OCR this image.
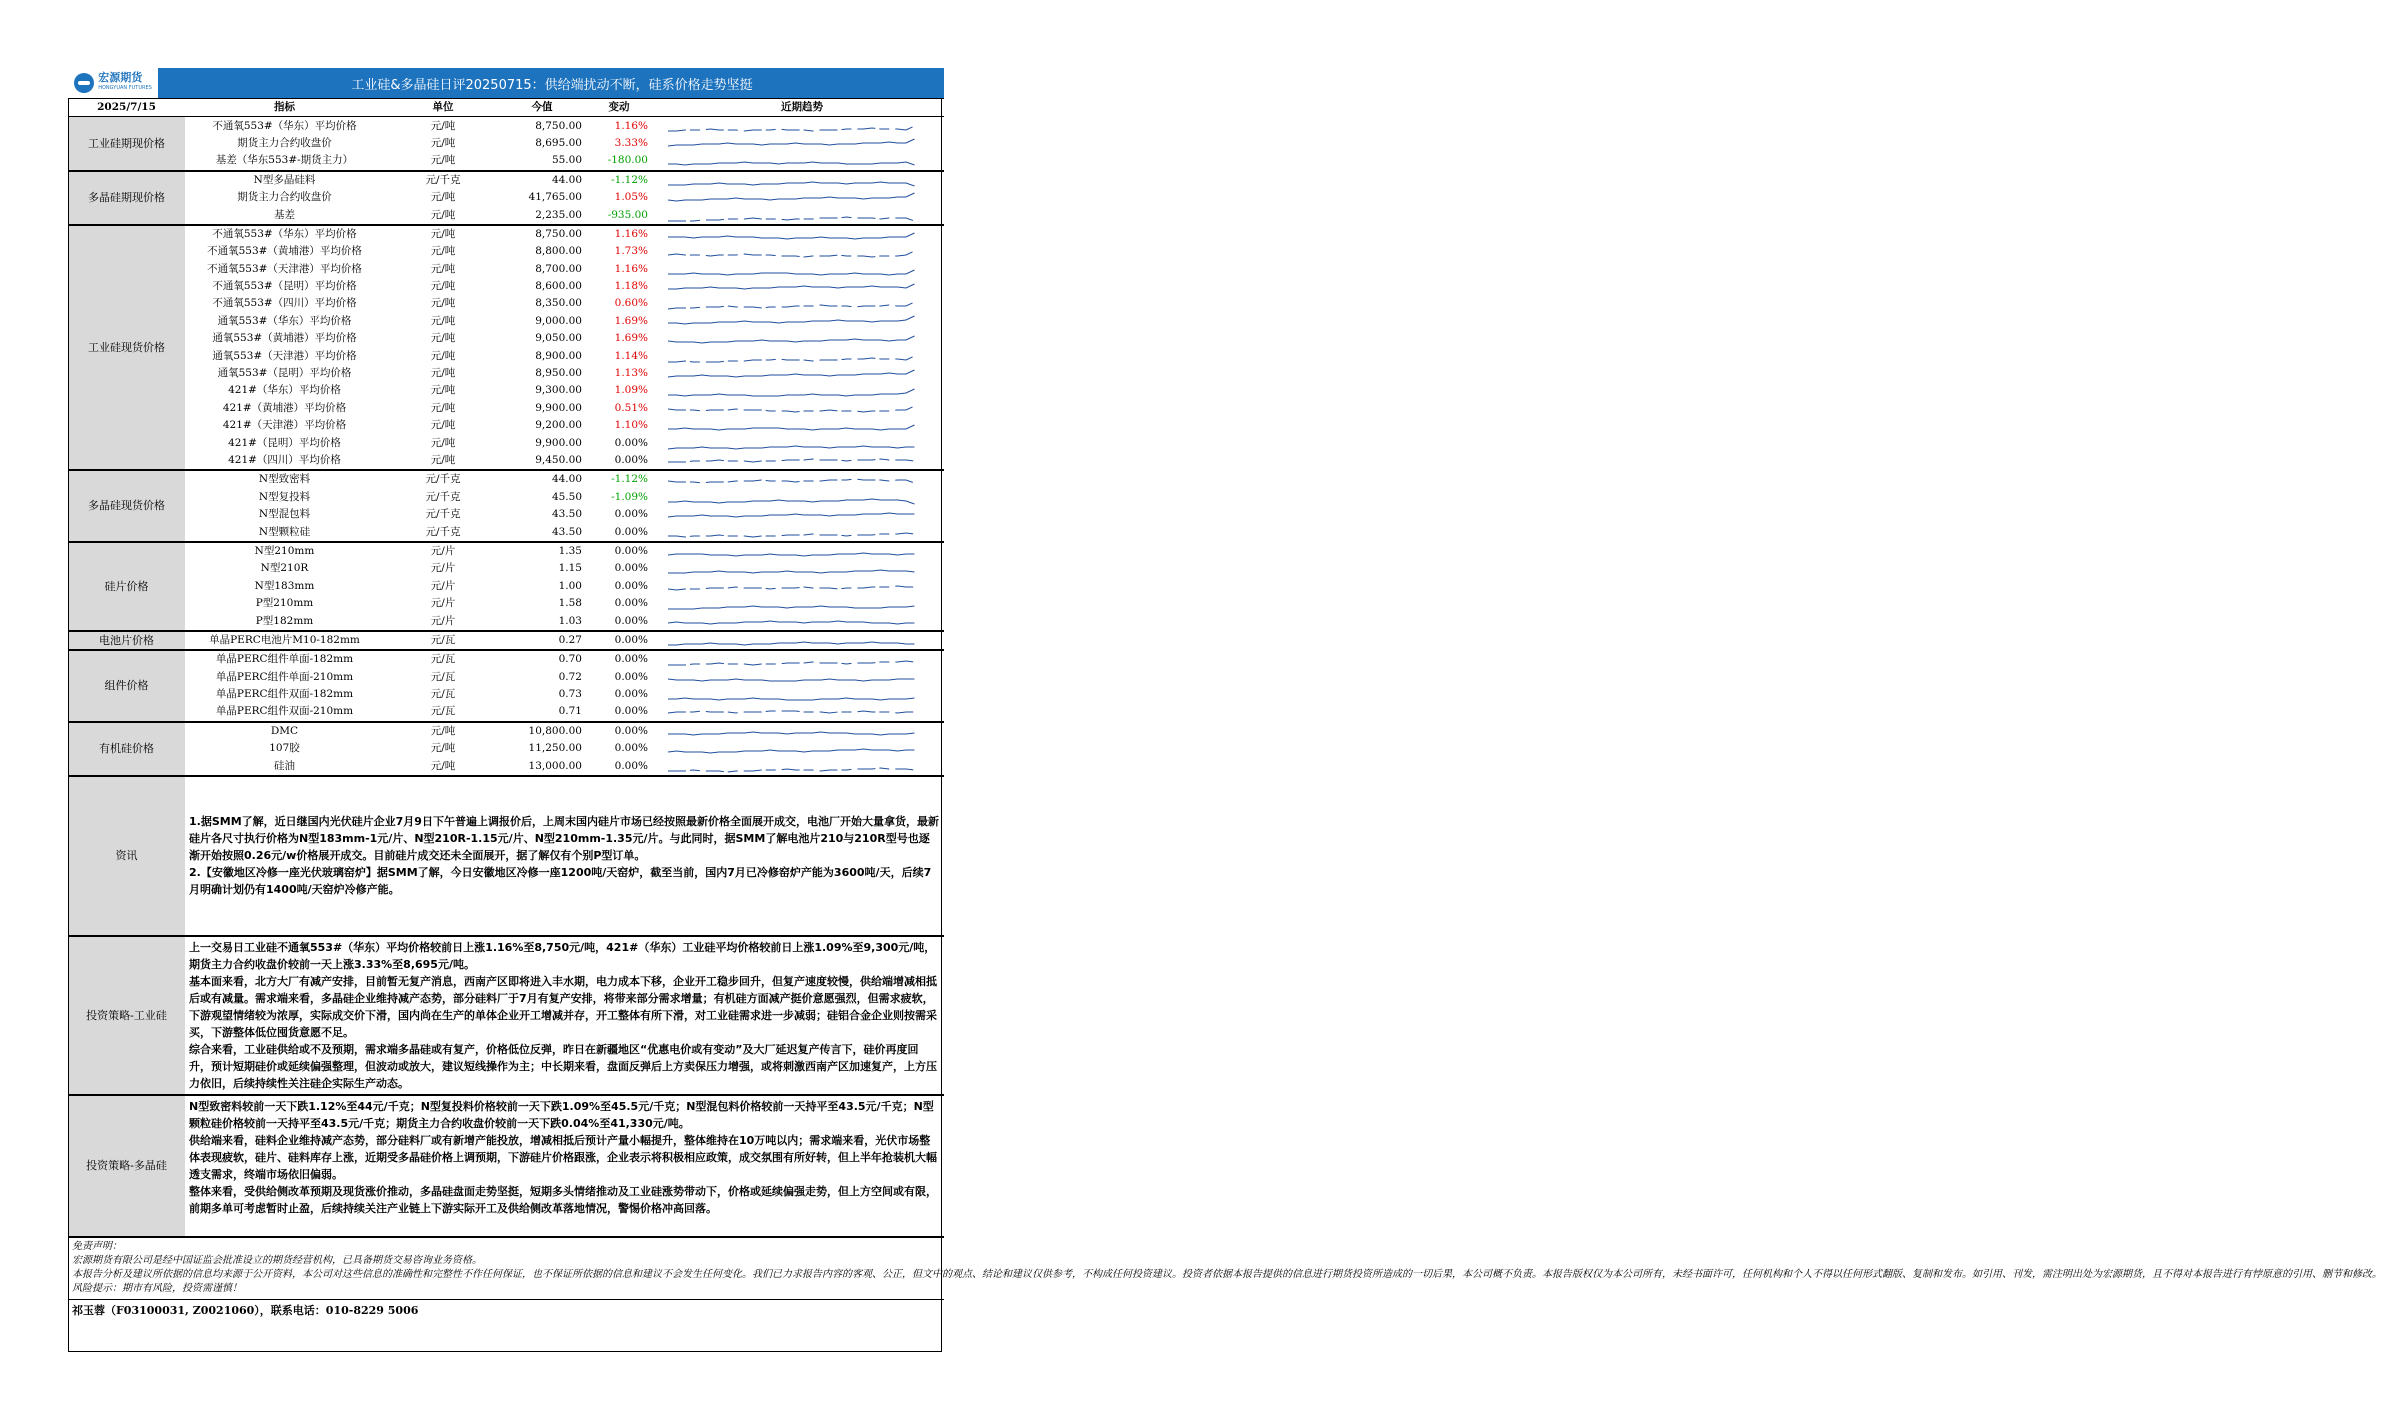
宏源期货
HONGYUAN FUTURES	工业硅&多晶硅日评20250715：供给端扰动不断，硅系价格走势坚挺
2025/7/15	指标	单位	今值	变动	近期趋势
工业硅期现价格	不通氧553#（华东）平均价格	元/吨	8,750.00	1.16%	

	期货主力合约收盘价	元/吨	8,695.00	3.33%	

	基差（华东553#-期货主力）	元/吨	55.00	-180.00	

多晶硅期现价格	N型多晶硅料	元/千克	44.00	-1.12%	

	期货主力合约收盘价	元/吨	41,765.00	1.05%	

	基差	元/吨	2,235.00	-935.00	

工业硅现货价格	不通氧553#（华东）平均价格	元/吨	8,750.00	1.16%	

	不通氧553#（黄埔港）平均价格	元/吨	8,800.00	1.73%	

	不通氧553#（天津港）平均价格	元/吨	8,700.00	1.16%	

	不通氧553#（昆明）平均价格	元/吨	8,600.00	1.18%	

	不通氧553#（四川）平均价格	元/吨	8,350.00	0.60%	

	通氧553#（华东）平均价格	元/吨	9,000.00	1.69%	

	通氧553#（黄埔港）平均价格	元/吨	9,050.00	1.69%	

	通氧553#（天津港）平均价格	元/吨	8,900.00	1.14%	

	通氧553#（昆明）平均价格	元/吨	8,950.00	1.13%	

	421#（华东）平均价格	元/吨	9,300.00	1.09%	

	421#（黄埔港）平均价格	元/吨	9,900.00	0.51%	

	421#（天津港）平均价格	元/吨	9,200.00	1.10%	

	421#（昆明）平均价格	元/吨	9,900.00	0.00%	

	421#（四川）平均价格	元/吨	9,450.00	0.00%	

多晶硅现货价格	N型致密料	元/千克	44.00	-1.12%	

	N型复投料	元/千克	45.50	-1.09%	

	N型混包料	元/千克	43.50	0.00%	

	N型颗粒硅	元/千克	43.50	0.00%	

硅片价格	N型210mm	元/片	1.35	0.00%	

	N型210R	元/片	1.15	0.00%	

	N型183mm	元/片	1.00	0.00%	

	P型210mm	元/片	1.58	0.00%	

	P型182mm	元/片	1.03	0.00%	

电池片价格	单晶PERC电池片M10-182mm	元/瓦	0.27	0.00%	

组件价格	单晶PERC组件单面-182mm	元/瓦	0.70	0.00%	

	单晶PERC组件单面-210mm	元/瓦	0.72	0.00%	

	单晶PERC组件双面-182mm	元/瓦	0.73	0.00%	

	单晶PERC组件双面-210mm	元/瓦	0.71	0.00%	

有机硅价格	DMC	元/吨	10,800.00	0.00%	

	107胶	元/吨	11,250.00	0.00%	

	硅油	元/吨	13,000.00	0.00%	
资讯	1.据SMM了解，近日继国内光伏硅片企业7月9日下午普遍上调报价后，上周末国内硅片市场已经按照最新价格全面展开成交，电池厂开始大量拿货，最新硅片各尺寸执行价格为N型183mm-1元/片、N型210R-1.15元/片、N型210mm-1.35元/片。与此同时，据SMM了解电池片210与210R型号也逐渐开始按照0.26元/w价格展开成交。目前硅片成交还未全面展开，据了解仅有个别P型订单。

2.【安徽地区冷修一座光伏玻璃窑炉】据SMM了解，今日安徽地区冷修一座1200吨/天窑炉，截至当前，国内7月已冷修窑炉产能为3600吨/天，后续7月明确计划仍有1400吨/天窑炉冷修产能。

投资策略-工业硅	上一交易日工业硅不通氧553#（华东）平均价格较前日上涨1.16%至8,750元/吨，421#（华东）工业硅平均价格较前日上涨1.09%至9,300元/吨，期货主力合约收盘价较前一天上涨3.33%至8,695元/吨。

基本面来看，北方大厂有减产安排，目前暂无复产消息，西南产区即将进入丰水期，电力成本下移，企业开工稳步回升，但复产速度较慢，供给端增减相抵后或有减量。需求端来看，多晶硅企业维持减产态势，部分硅料厂于7月有复产安排，将带来部分需求增量；有机硅方面减产挺价意愿强烈，但需求疲软，下游观望情绪较为浓厚，实际成交价下滑，国内尚在生产的单体企业开工增减并存，开工整体有所下滑，对工业硅需求进一步减弱；硅铝合金企业则按需采买，下游整体低位囤货意愿不足。

综合来看，工业硅供给或不及预期，需求端多晶硅或有复产，价格低位反弹，昨日在新疆地区“优惠电价或有变动”及大厂延迟复产传言下，硅价再度回升，预计短期硅价或延续偏强整理，但波动或放大，建议短线操作为主；中长期来看，盘面反弹后上方卖保压力增强，或将刺激西南产区加速复产，上方压力依旧，后续持续性关注硅企实际生产动态。

投资策略-多晶硅	N型致密料较前一天下跌1.12%至44元/千克；N型复投料价格较前一天下跌1.09%至45.5元/千克；N型混包料价格较前一天持平至43.5元/千克；N型颗粒硅价格较前一天持平至43.5元/千克；期货主力合约收盘价较前一天下跌0.04%至41,330元/吨。

供给端来看，硅料企业维持减产态势，部分硅料厂或有新增产能投放，增减相抵后预计产量小幅提升，整体维持在10万吨以内；需求端来看，光伏市场整体表现疲软，硅片、硅料库存上涨，近期受多晶硅价格上调预期，下游硅片价格跟涨，企业表示将积极相应政策，成交氛围有所好转，但上半年抢装机大幅透支需求，终端市场依旧偏弱。

整体来看，受供给侧改革预期及现货涨价推动，多晶硅盘面走势坚挺，短期多头情绪推动及工业硅涨势带动下，价格或延续偏强走势，但上方空间或有限，前期多单可考虑暂时止盈，后续持续关注产业链上下游实际开工及供给侧改革落地情况，警惕价格冲高回落。

免责声明：

宏源期货有限公司是经中国证监会批准设立的期货经营机构，已具备期货交易咨询业务资格。

本报告分析及建议所依据的信息均来源于公开资料，本公司对这些信息的准确性和完整性不作任何保证，也不保证所依据的信息和建议不会发生任何变化。我们已力求报告内容的客观、公正，但文中的观点、结论和建议仅供参考，不构成任何投资建议。投资者依据本报告提供的信息进行期货投资所造成的一切后果，本公司概不负责。本报告版权仅为本公司所有，未经书面许可，任何机构和个人不得以任何形式翻版、复制和发布。如引用、刊发，需注明出处为宏源期货，且不得对本报告进行有悖原意的引用、删节和修改。

风险提示：期市有风险，投资需谨慎！	

祁玉蓉（F03100031, Z0021060），联系电话：010-8229 5006	
